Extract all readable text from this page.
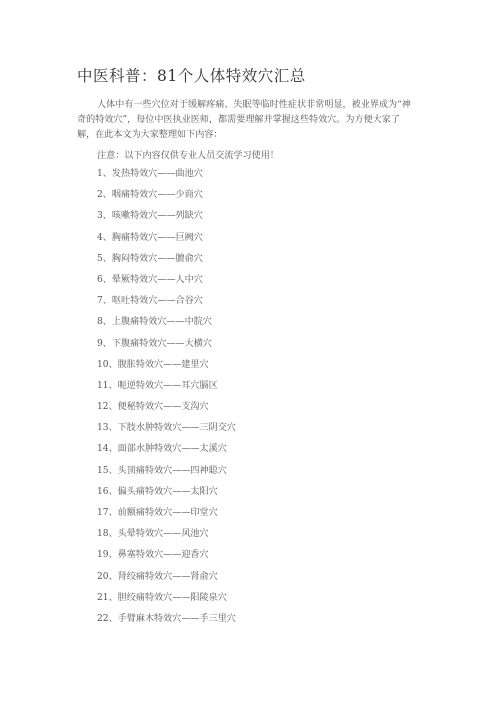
中医科普：81个人体特效穴汇总

人体中有一些穴位对于缓解疼痛、失眠等临时性症状非常明显，被业界成为“神奇的特效穴”，每位中医执业医师，都需要理解并掌握这些特效穴。为方便大家了解，在此本文为大家整理如下内容：

注意：以下内容仅供专业人员交流学习使用！

1、发热特效穴——曲池穴
2、咽痛特效穴——少商穴
3、咳嗽特效穴——列缺穴
4、胸痛特效穴——巨阙穴
5、胸闷特效穴——膻俞穴
6、晕厥特效穴——人中穴
7、呕吐特效穴——合谷穴
8、上腹痛特效穴——中脘穴
9、下腹痛特效穴——大横穴
10、腹胀特效穴——建里穴
11、呃逆特效穴——耳穴膈区
12、便秘特效穴——支沟穴
13、下肢水肿特效穴——三阴交穴
14、面部水肿特效穴——太溪穴
15、头顶痛特效穴——四神聪穴
16、偏头痛特效穴——太阳穴
17、前额痛特效穴——印堂穴
18、头晕特效穴——风池穴
19、鼻塞特效穴——迎香穴
20、肾绞痛特效穴——肾俞穴
21、胆绞痛特效穴——阳陵泉穴
22、手臂麻木特效穴——手三里穴
